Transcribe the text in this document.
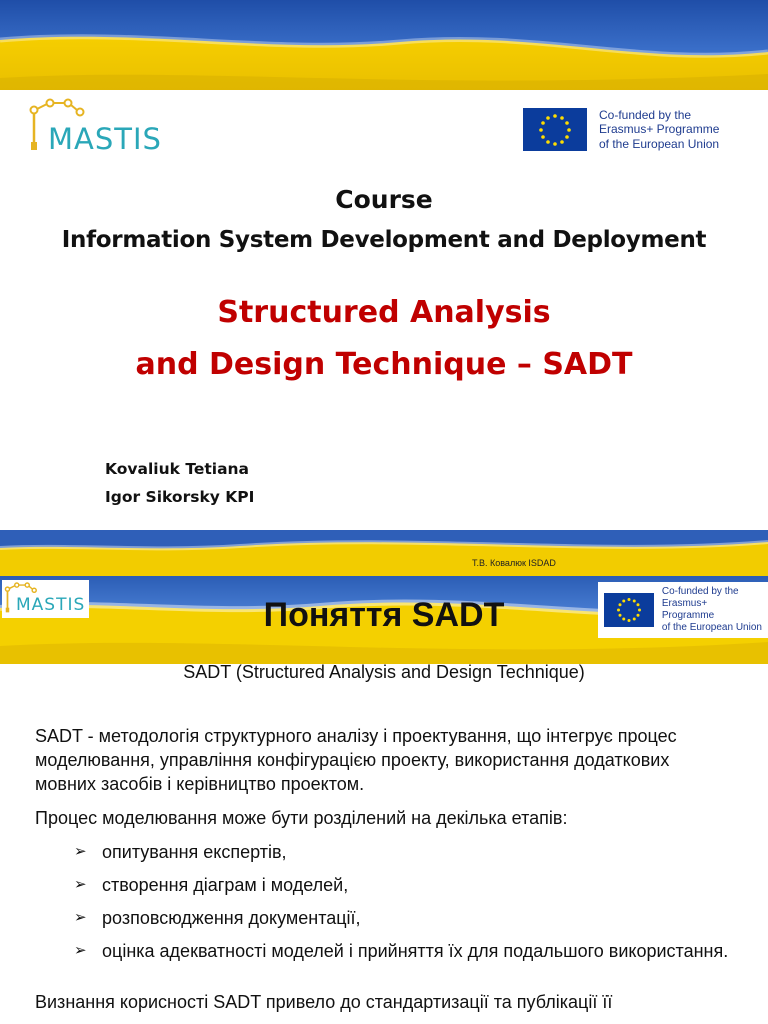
MASTIS
Co-funded by the
Erasmus+ Programme
of the European Union
Course
Information System Development and Deployment
Structured Analysis
and Design Technique – SADT
Kovaliuk Tetiana
Igor Sikorsky KPI
Т.В. Ковалюк ISDAD
MASTIS
Co-funded by the
Erasmus+ Programme
of the European Union
Поняття SADT
SADT (Structured Analysis and Design Technique)
SADT - методологія структурного аналізу і проектування, що інтегрує процес моделювання, управління конфігурацією проекту, використання додаткових мовних засобів і керівництво проектом.
Процес моделювання може бути розділений на декілька етапів:
➢ опитування експертів,
➢ створення діаграм і моделей,
➢ розповсюдження документації,
➢ оцінка адекватності моделей і прийняття їх для подальшого використання.
Визнання корисності SADT привело до стандартизації та публікації її
